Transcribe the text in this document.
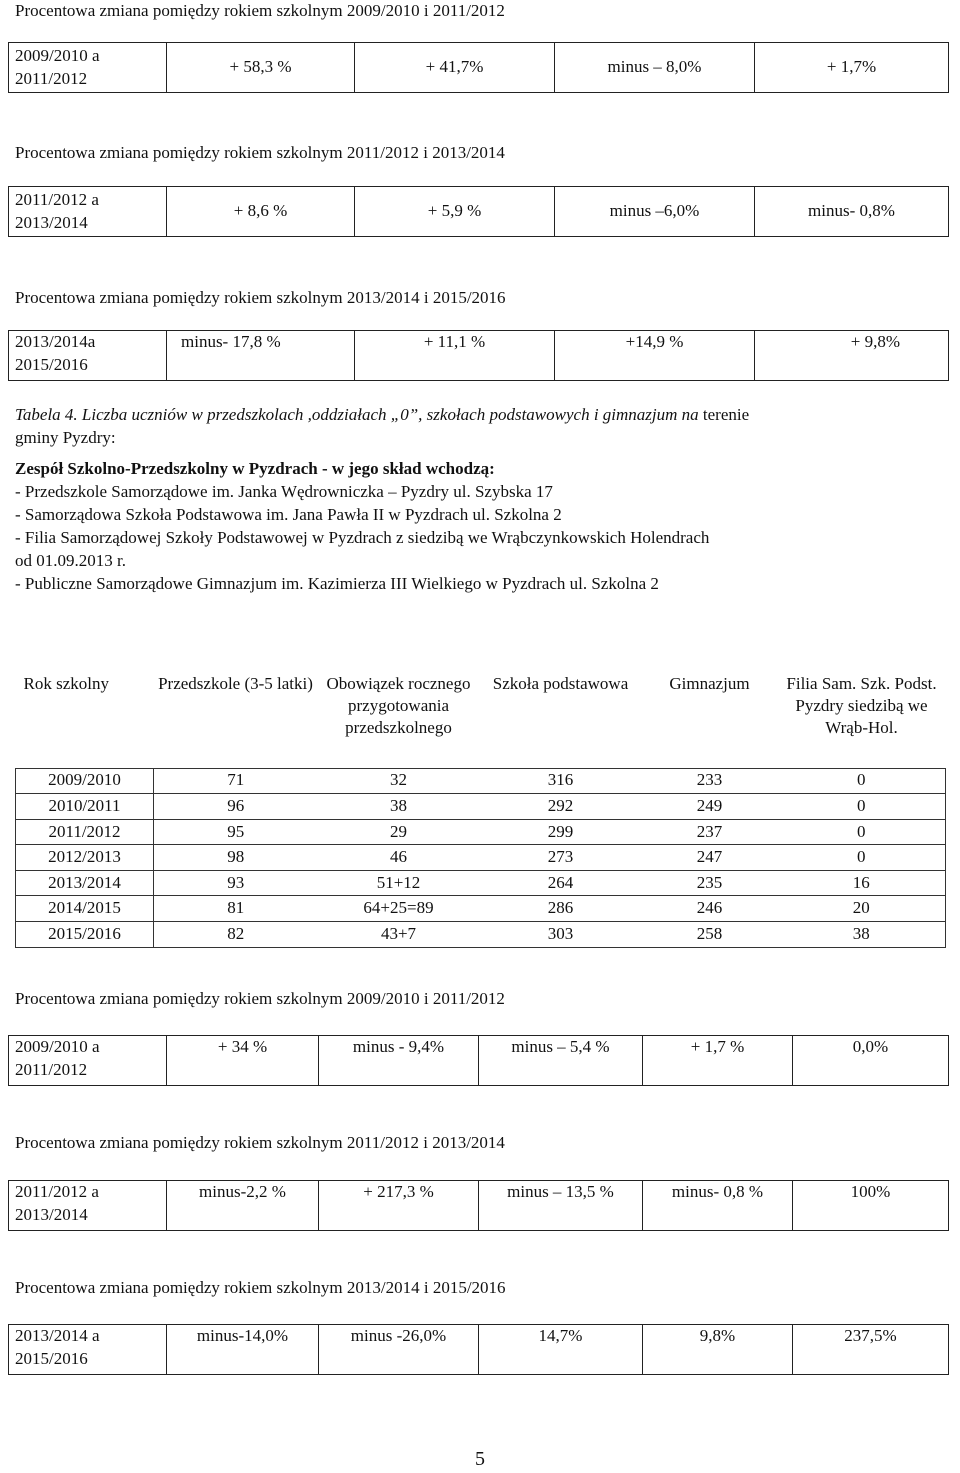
Procentowa zmiana pomiędzy rokiem szkolnym 2009/2010 i 2011/2012
2009/2010 a
2011/2012	+ 58,3 %	+ 41,7%	minus – 8,0%	+ 1,7%
Procentowa zmiana pomiędzy rokiem szkolnym 2011/2012 i 2013/2014
2011/2012 a
2013/2014	+ 8,6 %	+ 5,9 %	minus –6,0%	minus- 0,8%
Procentowa zmiana pomiędzy rokiem szkolnym 2013/2014 i 2015/2016
2013/2014a
2015/2016	minus- 17,8 %	+ 11,1 %	+14,9 %	+ 9,8%

Tabela 4. Liczba uczniów w przedszkolach ,oddziałach „0”, szkołach podstawowych i gimnazjum na terenie

gminy Pyzdry:

Zespół Szkolno-Przedszkolny w Pyzdrach - w jego skład wchodzą:

- Przedszkole Samorządowe im. Janka Wędrowniczka – Pyzdry ul. Szybska 17

- Samorządowa Szkoła Podstawowa im. Jana Pawła II w Pyzdrach ul. Szkolna 2

- Filia Samorządowej Szkoły Podstawowej w Pyzdrach z siedzibą we Wrąbczynkowskich Holendrach

od 01.09.2013 r.

- Publiczne Samorządowe Gimnazjum im. Kazimierza III Wielkiego w Pyzdrach ul. Szkolna 2

Rok szkolny	Przedszkole (3-5 latki)	Obowiązek rocznego przygotowania przedszkolnego	Szkoła podstawowa	Gimnazjum	Filia Sam. Szk. Podst. Pyzdry siedzibą we Wrąb-Hol.
2009/2010	71	32	316	233	0
2010/2011	96	38	292	249	0
2011/2012	95	29	299	237	0
2012/2013	98	46	273	247	0
2013/2014	93	51+12	264	235	16
2014/2015	81	64+25=89	286	246	20
2015/2016	82	43+7	303	258	38
Procentowa zmiana pomiędzy rokiem szkolnym 2009/2010 i 2011/2012
2009/2010 a
2011/2012	+ 34 %	minus - 9,4%	minus – 5,4 %	+ 1,7 %	0,0%
Procentowa zmiana pomiędzy rokiem szkolnym 2011/2012 i 2013/2014
2011/2012 a
2013/2014	minus-2,2 %	+ 217,3 %	minus – 13,5 %	minus- 0,8 %	100%
Procentowa zmiana pomiędzy rokiem szkolnym 2013/2014 i 2015/2016
2013/2014 a
2015/2016	minus-14,0%	minus -26,0%	14,7%	9,8%	237,5%
5
